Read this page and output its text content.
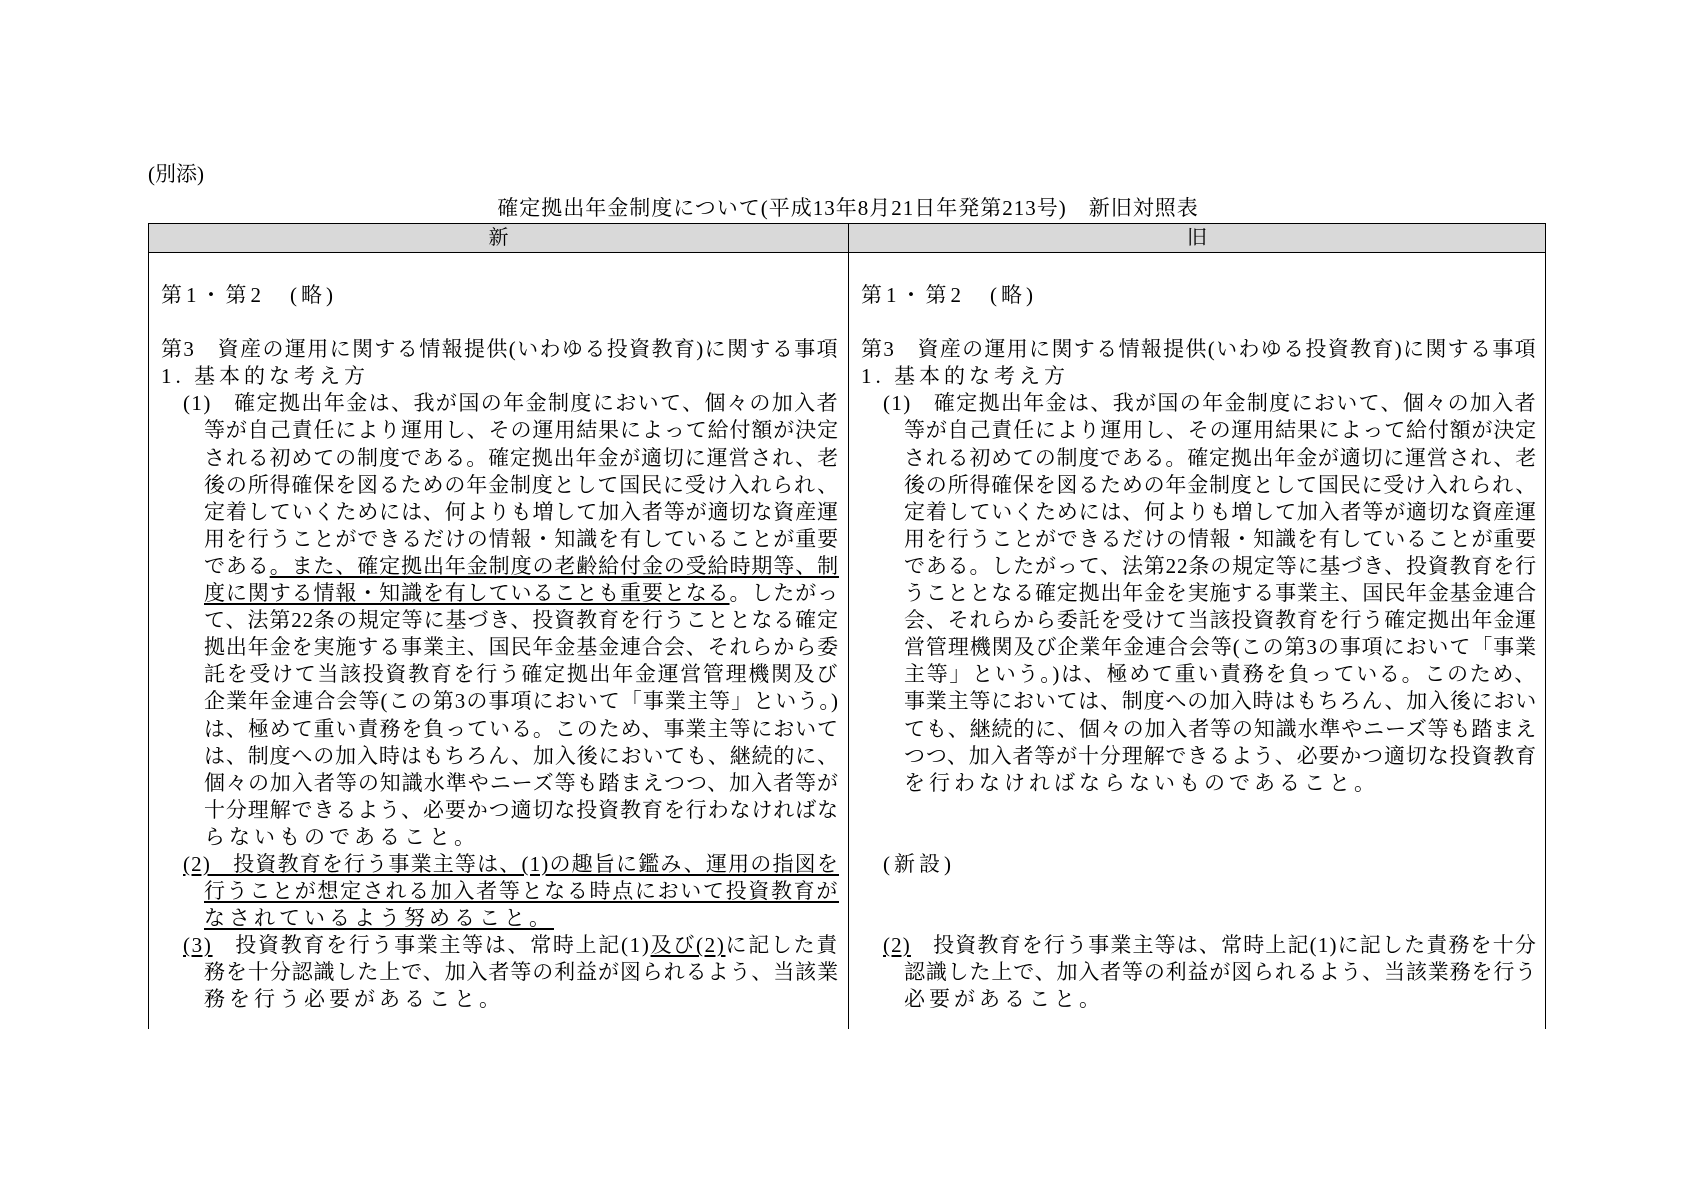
(別添)
確定拠出年金制度について(平成13年8月21日年発第213号)　新旧対照表
新	旧
第1・第2　(略)
第3　資産の運用に関する情報提供(いわゆる投資教育)に関する事項
1. 基本的な考え方
(1)　確定拠出年金は、我が国の年金制度において、個々の加入者
等が自己責任により運用し、その運用結果によって給付額が決定
される初めての制度である。確定拠出年金が適切に運営され、老
後の所得確保を図るための年金制度として国民に受け入れられ、
定着していくためには、何よりも増して加入者等が適切な資産運
用を行うことができるだけの情報・知識を有していることが重要
である。また、確定拠出年金制度の老齢給付金の受給時期等、制
度に関する情報・知識を有していることも重要となる。したがっ
て、法第22条の規定等に基づき、投資教育を行うこととなる確定
拠出年金を実施する事業主、国民年金基金連合会、それらから委
託を受けて当該投資教育を行う確定拠出年金運営管理機関及び
企業年金連合会等(この第3の事項において「事業主等」という。)
は、極めて重い責務を負っている。このため、事業主等において
は、制度への加入時はもちろん、加入後においても、継続的に、
個々の加入者等の知識水準やニーズ等も踏まえつつ、加入者等が
十分理解できるよう、必要かつ適切な投資教育を行わなければな
らないものであること。
(2)　投資教育を行う事業主等は、(1)の趣旨に鑑み、運用の指図を
行うことが想定される加入者等となる時点において投資教育が
なされているよう努めること。
(3)　投資教育を行う事業主等は、常時上記(1)及び(2)に記した責
務を十分認識した上で、加入者等の利益が図られるよう、当該業
務を行う必要があること。
第1・第2　(略)
第3　資産の運用に関する情報提供(いわゆる投資教育)に関する事項
1. 基本的な考え方
(1)　確定拠出年金は、我が国の年金制度において、個々の加入者
等が自己責任により運用し、その運用結果によって給付額が決定
される初めての制度である。確定拠出年金が適切に運営され、老
後の所得確保を図るための年金制度として国民に受け入れられ、
定着していくためには、何よりも増して加入者等が適切な資産運
用を行うことができるだけの情報・知識を有していることが重要
である。したがって、法第22条の規定等に基づき、投資教育を行
うこととなる確定拠出年金を実施する事業主、国民年金基金連合
会、それらから委託を受けて当該投資教育を行う確定拠出年金運
営管理機関及び企業年金連合会等(この第3の事項において「事業
主等」という。)は、極めて重い責務を負っている。このため、
事業主等においては、制度への加入時はもちろん、加入後におい
ても、継続的に、個々の加入者等の知識水準やニーズ等も踏まえ
つつ、加入者等が十分理解できるよう、必要かつ適切な投資教育
を行わなければならないものであること。
(新設)
(2)　投資教育を行う事業主等は、常時上記(1)に記した責務を十分
認識した上で、加入者等の利益が図られるよう、当該業務を行う
必要があること。
